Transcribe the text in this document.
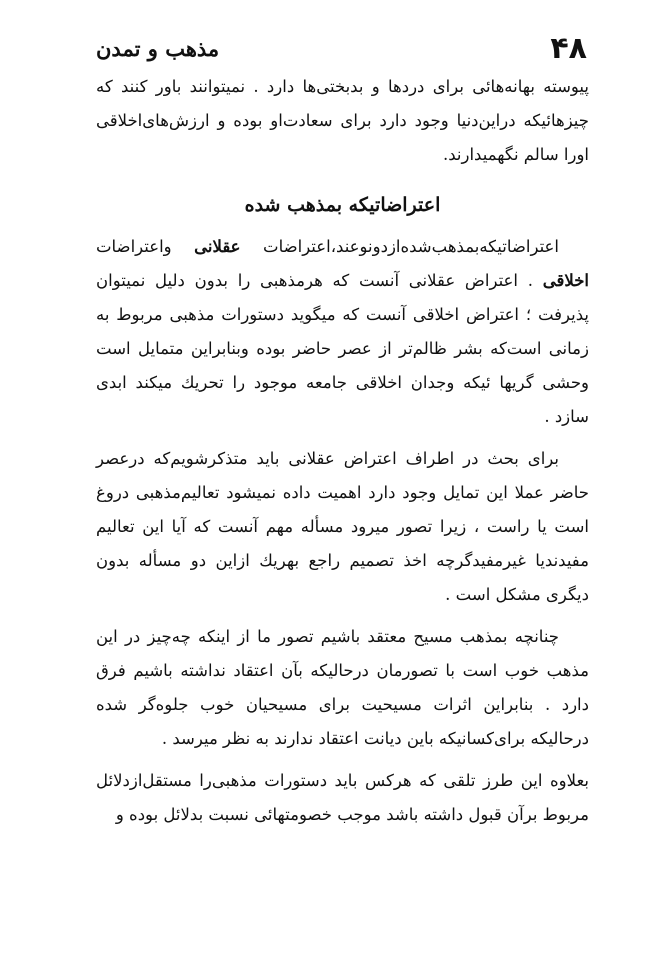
۴۸
مذهب و تمدن

پیوسته بهانه‌هائی برای دردها و بدبختی‌ها دارد . نمیتوانند باور کنند که چیزهائیکه دراین‌دنیا وجود دارد برای سعادت‌او بوده و ارزش‌های‌اخلاقی اورا سالم نگهمیدارند.

اعتراضاتیکه بمذهب شده

اعتراضاتیکه‌بمذهب‌شده‌ازدو‌نوعند،اعتراضات عقلانی واعتراضات اخلاقی . اعتراض عقلانی آنست که هرمذهبی را بدون دلیل نمیتوان پذیرفت ؛ اعتراض اخلاقی آنست که میگوید دستورات مذهبی مربوط به زمانی است‌که بشر ظالم‌تر از عصر حاضر بوده وبنابراین متمایل است وحشی گریها ئیکه وجدان اخلاقی جامعه موجود را تحریك میکند ابدی سازد .

برای بحث در اطراف اعتراض عقلانی باید متذکرشویم‌که درعصر حاضر عملا این تمایل وجود دارد اهمیت داده نمیشود تعالیم‌مذهبی دروغ است یا راست ، زیرا تصور میرود مسأله مهم آنست که آیا این تعالیم مفیدندیا غیرمفیدگرچه اخذ تصمیم راجع بهریك ازاین دو مسأله بدون دیگری مشکل است .

چنانچه بمذهب مسیح معتقد باشیم تصور ما از اینکه چه‌چیز در این مذهب خوب است با تصورمان درحالیکه بآن اعتقاد نداشته باشیم فرق دارد . بنابراین اثرات مسیحیت برای مسیحیان خوب جلوه‌گر شده درحالیکه برای‌کسانیکه باین دیانت اعتقاد ندارند به نظر میرسد .

بعلاوه این طرز تلقی که هرکس باید دستورات مذهبی‌را مستقل‌ازدلائل مربوط برآن قبول داشته باشد موجب خصومتهائی نسبت بدلائل بوده و
